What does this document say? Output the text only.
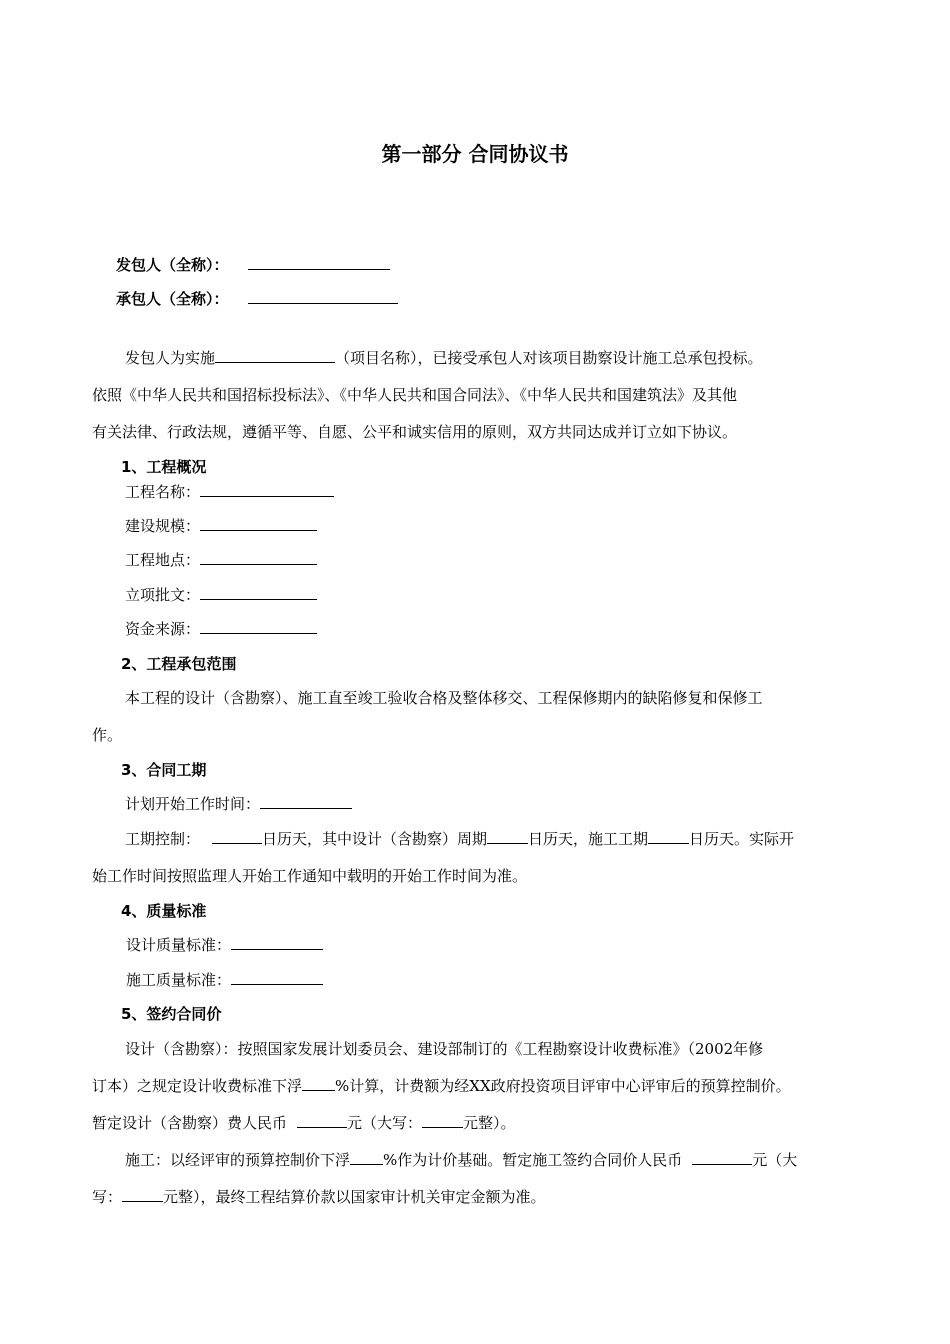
第一部分 合同协议书
发包人（全称）：
承包人（全称）：
发包人为实施	（项目名称），已接受承包人对该项目勘察设计施工总承包投标。
依照《中华人民共和国招标投标法》、《中华人民共和国合同法》、《中华人民共和国建筑法》及其他
有关法律、行政法规，遵循平等、自愿、公平和诚实信用的原则，双方共同达成并订立如下协议。
1、工程概况
工程名称：
建设规模：
工程地点：
立项批文：
资金来源：
2、工程承包范围
本工程的设计（含勘察）、施工直至竣工验收合格及整体移交、工程保修期内的缺陷修复和保修工
作。
3、合同工期
计划开始工作时间：
工期控制：	日历天，其中设计（含勘察）周期	日历天，施工工期	日历天。实际开
始工作时间按照监理人开始工作通知中载明的开始工作时间为准。
4、质量标准
设计质量标准：
施工质量标准：
5、签约合同价
设计（含勘察）：按照国家发展计划委员会、建设部制订的《工程勘察设计收费标准》（2002年修
订本）之规定设计收费标准下浮 %计算，计费额为经XX政府投资项目评审中心评审后的预算控制价。
暂定设计（含勘察）费人民币	元（大写：	元整）。
施工：以经评审的预算控制价下浮 %作为计价基础。暂定施工签约合同价人民币	元（大
写：	元整），最终工程结算价款以国家审计机关审定金额为准。
